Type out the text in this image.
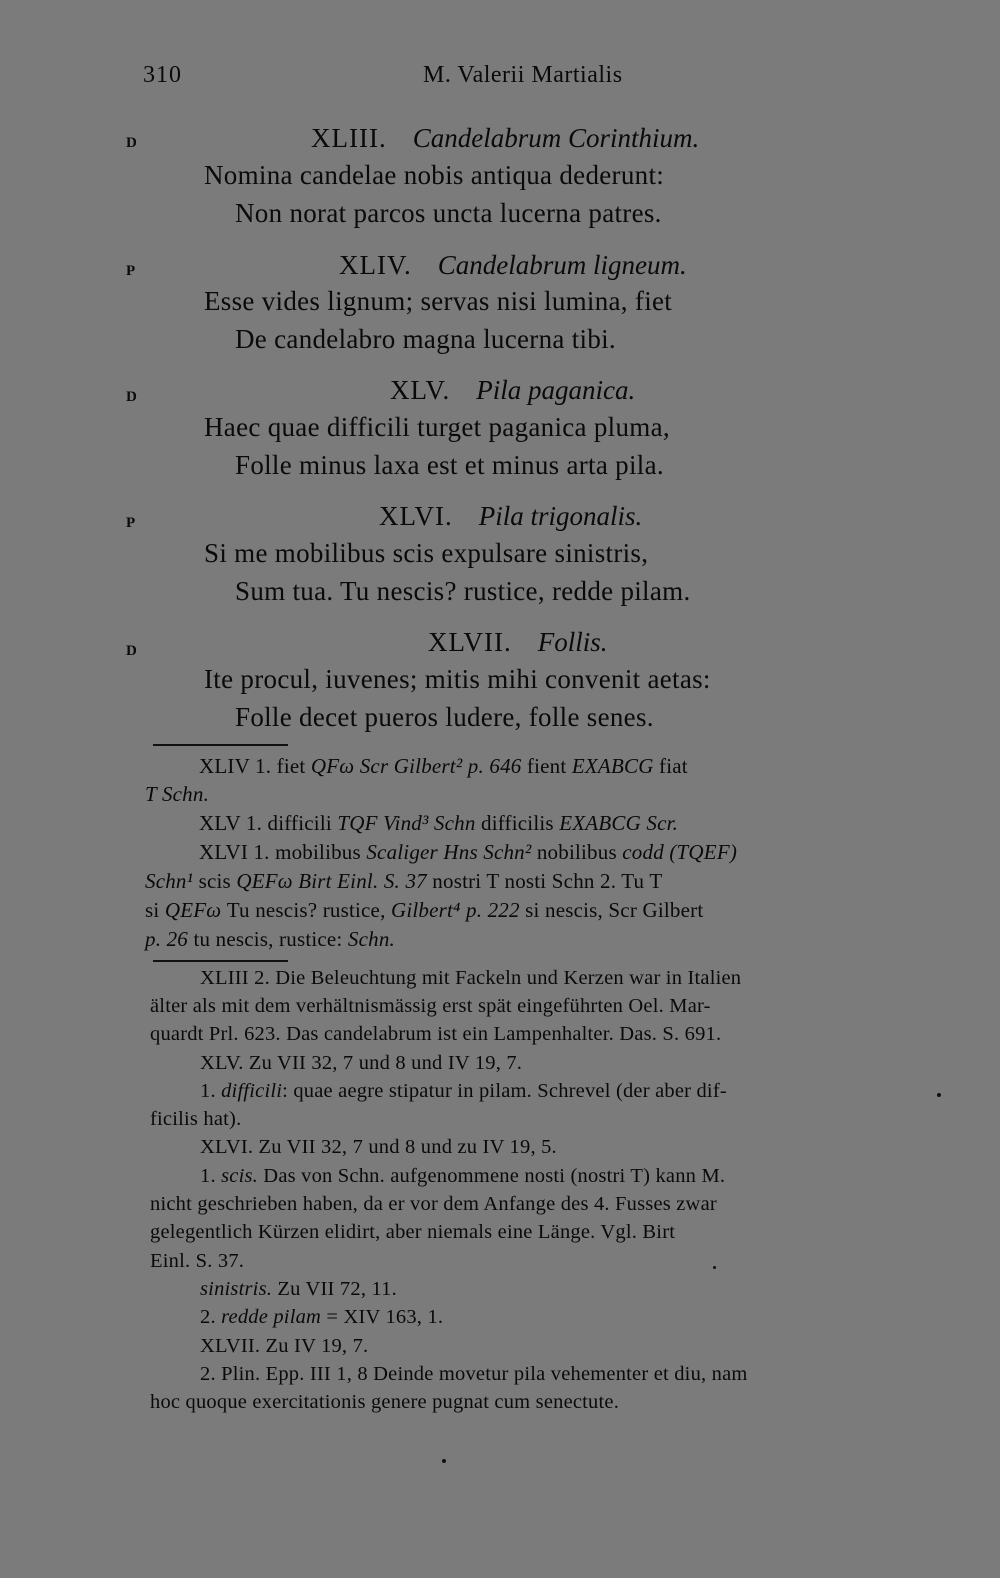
310	M. Valerii Martialis
D	XLIII. Candelabrum Corinthium.
Nomina candelae nobis antiqua dederunt:
Non norat parcos uncta lucerna patres.
P	XLIV. Candelabrum ligneum.
Esse vides lignum; servas nisi lumina, fiet
De candelabro magna lucerna tibi.
D	XLV. Pila paganica.
Haec quae difficili turget paganica pluma,
Folle minus laxa est et minus arta pila.
P	XLVI. Pila trigonalis.
Si me mobilibus scis expulsare sinistris,
Sum tua. Tu nescis? rustice, redde pilam.
D	XLVII. Follis.
Ite procul, iuvenes; mitis mihi convenit aetas:
Folle decet pueros ludere, folle senes.
XLIV 1. fiet QFω Scr Gilbert² p. 646 fient EXABCG fiat
T Schn.
XLV 1. difficili TQF Vind³ Schn difficilis EXABCG Scr.
XLVI 1. mobilibus Scaliger Hns Schn² nobilibus codd (TQEF)
Schn¹ scis QEFω Birt Einl. S. 37 nostri T nosti Schn 2. Tu T
si QEFω Tu nescis? rustice, Gilbert⁴ p. 222 si nescis, Scr Gilbert
p. 26 tu nescis, rustice: Schn.
XLIII 2. Die Beleuchtung mit Fackeln und Kerzen war in Italien
älter als mit dem verhältnismässig erst spät eingeführten Oel. Mar-
quardt Prl. 623. Das candelabrum ist ein Lampenhalter. Das. S. 691.
XLV. Zu VII 32, 7 und 8 und IV 19, 7.
1. difficili: quae aegre stipatur in pilam. Schrevel (der aber dif-
ficilis hat).
XLVI. Zu VII 32, 7 und 8 und zu IV 19, 5.
1. scis. Das von Schn. aufgenommene nosti (nostri T) kann M.
nicht geschrieben haben, da er vor dem Anfange des 4. Fusses zwar
gelegentlich Kürzen elidirt, aber niemals eine Länge. Vgl. Birt
Einl. S. 37.
sinistris. Zu VII 72, 11.
2. redde pilam = XIV 163, 1.
XLVII. Zu IV 19, 7.
2. Plin. Epp. III 1, 8 Deinde movetur pila vehementer et diu, nam
hoc quoque exercitationis genere pugnat cum senectute.
